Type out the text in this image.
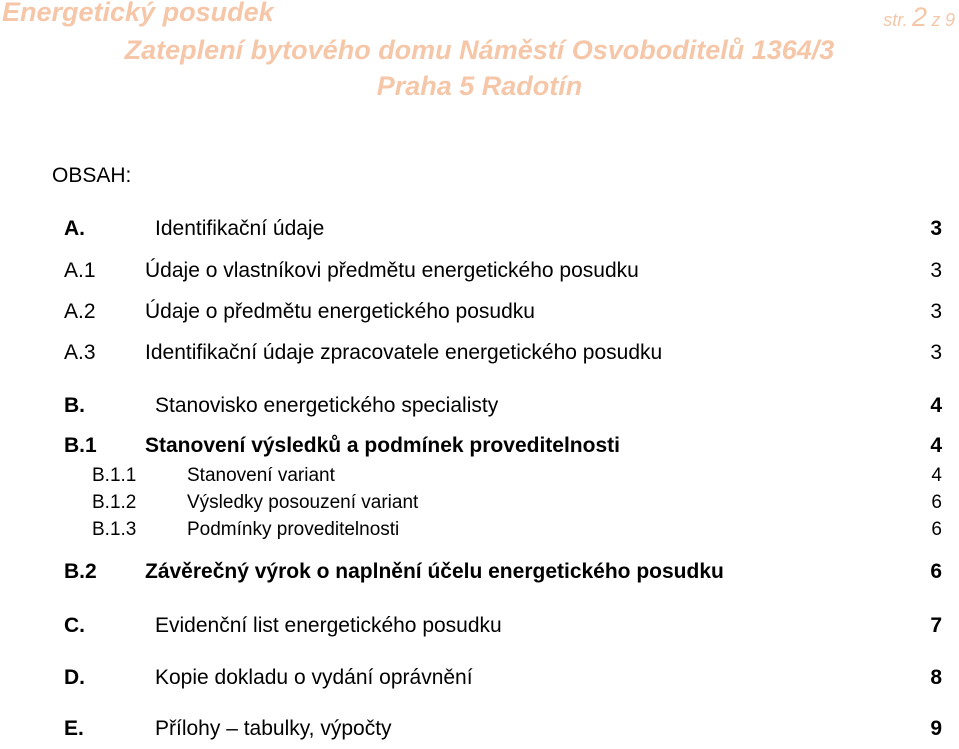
Energetický posudek	str. 2 z 9
Zateplení bytového domu Náměstí Osvoboditelů 1364/3
Praha 5 Radotín
OBSAH:
A.	Identifikační údaje	3
A.1 Údaje o vlastníkovi předmětu energetického posudku	3
A.2 Údaje o předmětu energetického posudku	3
A.3 Identifikační údaje zpracovatele energetického posudku	3
B.	Stanovisko energetického specialisty	4
B.1 Stanovení výsledků a podmínek proveditelnosti	4
B.1.1	Stanovení variant	4
B.1.2	Výsledky posouzení variant	6
B.1.3	Podmínky proveditelnosti	6
B.2 Závěrečný výrok o naplnění účelu energetického posudku	6
C.	Evidenční list energetického posudku	7
D.	Kopie dokladu o vydání oprávnění	8
E.	Přílohy – tabulky, výpočty	9
